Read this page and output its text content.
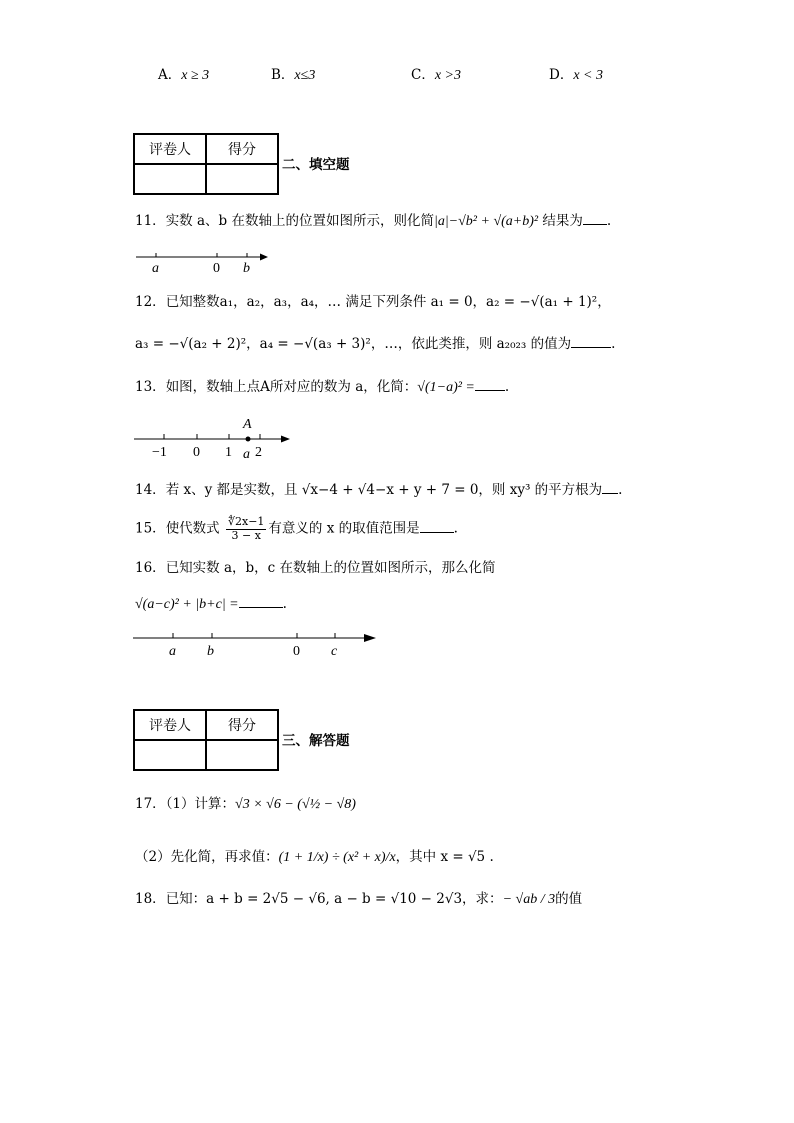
A．x ≥ 3	B．x≤3	C．x >3	D．x < 3
评卷人	得分

二、填空题
11．实数 a、b 在数轴上的位置如图所示，则化简|a|−√b² + √(a+b)² 结果为 .
a	0 b
12．已知整数a₁，a₂，a₃，a₄，… 满足下列条件 a₁ = 0，a₂ = −√(a₁ + 1)²，
a₃ = −√(a₂ + 2)²，a₄ = −√(a₃ + 3)²，…，依此类推，则 a₂₀₂₃ 的值为	.
13．如图，数轴上点A所对应的数为 a，化简：√(1−a)² = .
A
−1 0 1 a 2
14．若 x、y 都是实数，且 √x−4 + √4−x + y + 7 = 0，则 xy³ 的平方根为 .
15．使代数式 $\frac{∜2x-1}{3 - x}$ 有意义的 x 的取值范围是	.
16．已知实数 a，b，c 在数轴上的位置如图所示，那么化简
√(a−c)² + |b+c| =	.
a b	0 c
评卷人	得分

三、解答题
17．（1）计算：√3 × √6 − (√½ − √8)
（2）先化简，再求值：(1 + 1/x) ÷ (x² + x)/x，其中 x = √5 .
18．已知：a + b = 2√5 − √6, a − b = √10 − 2√3，求：− √ab / 3的值
